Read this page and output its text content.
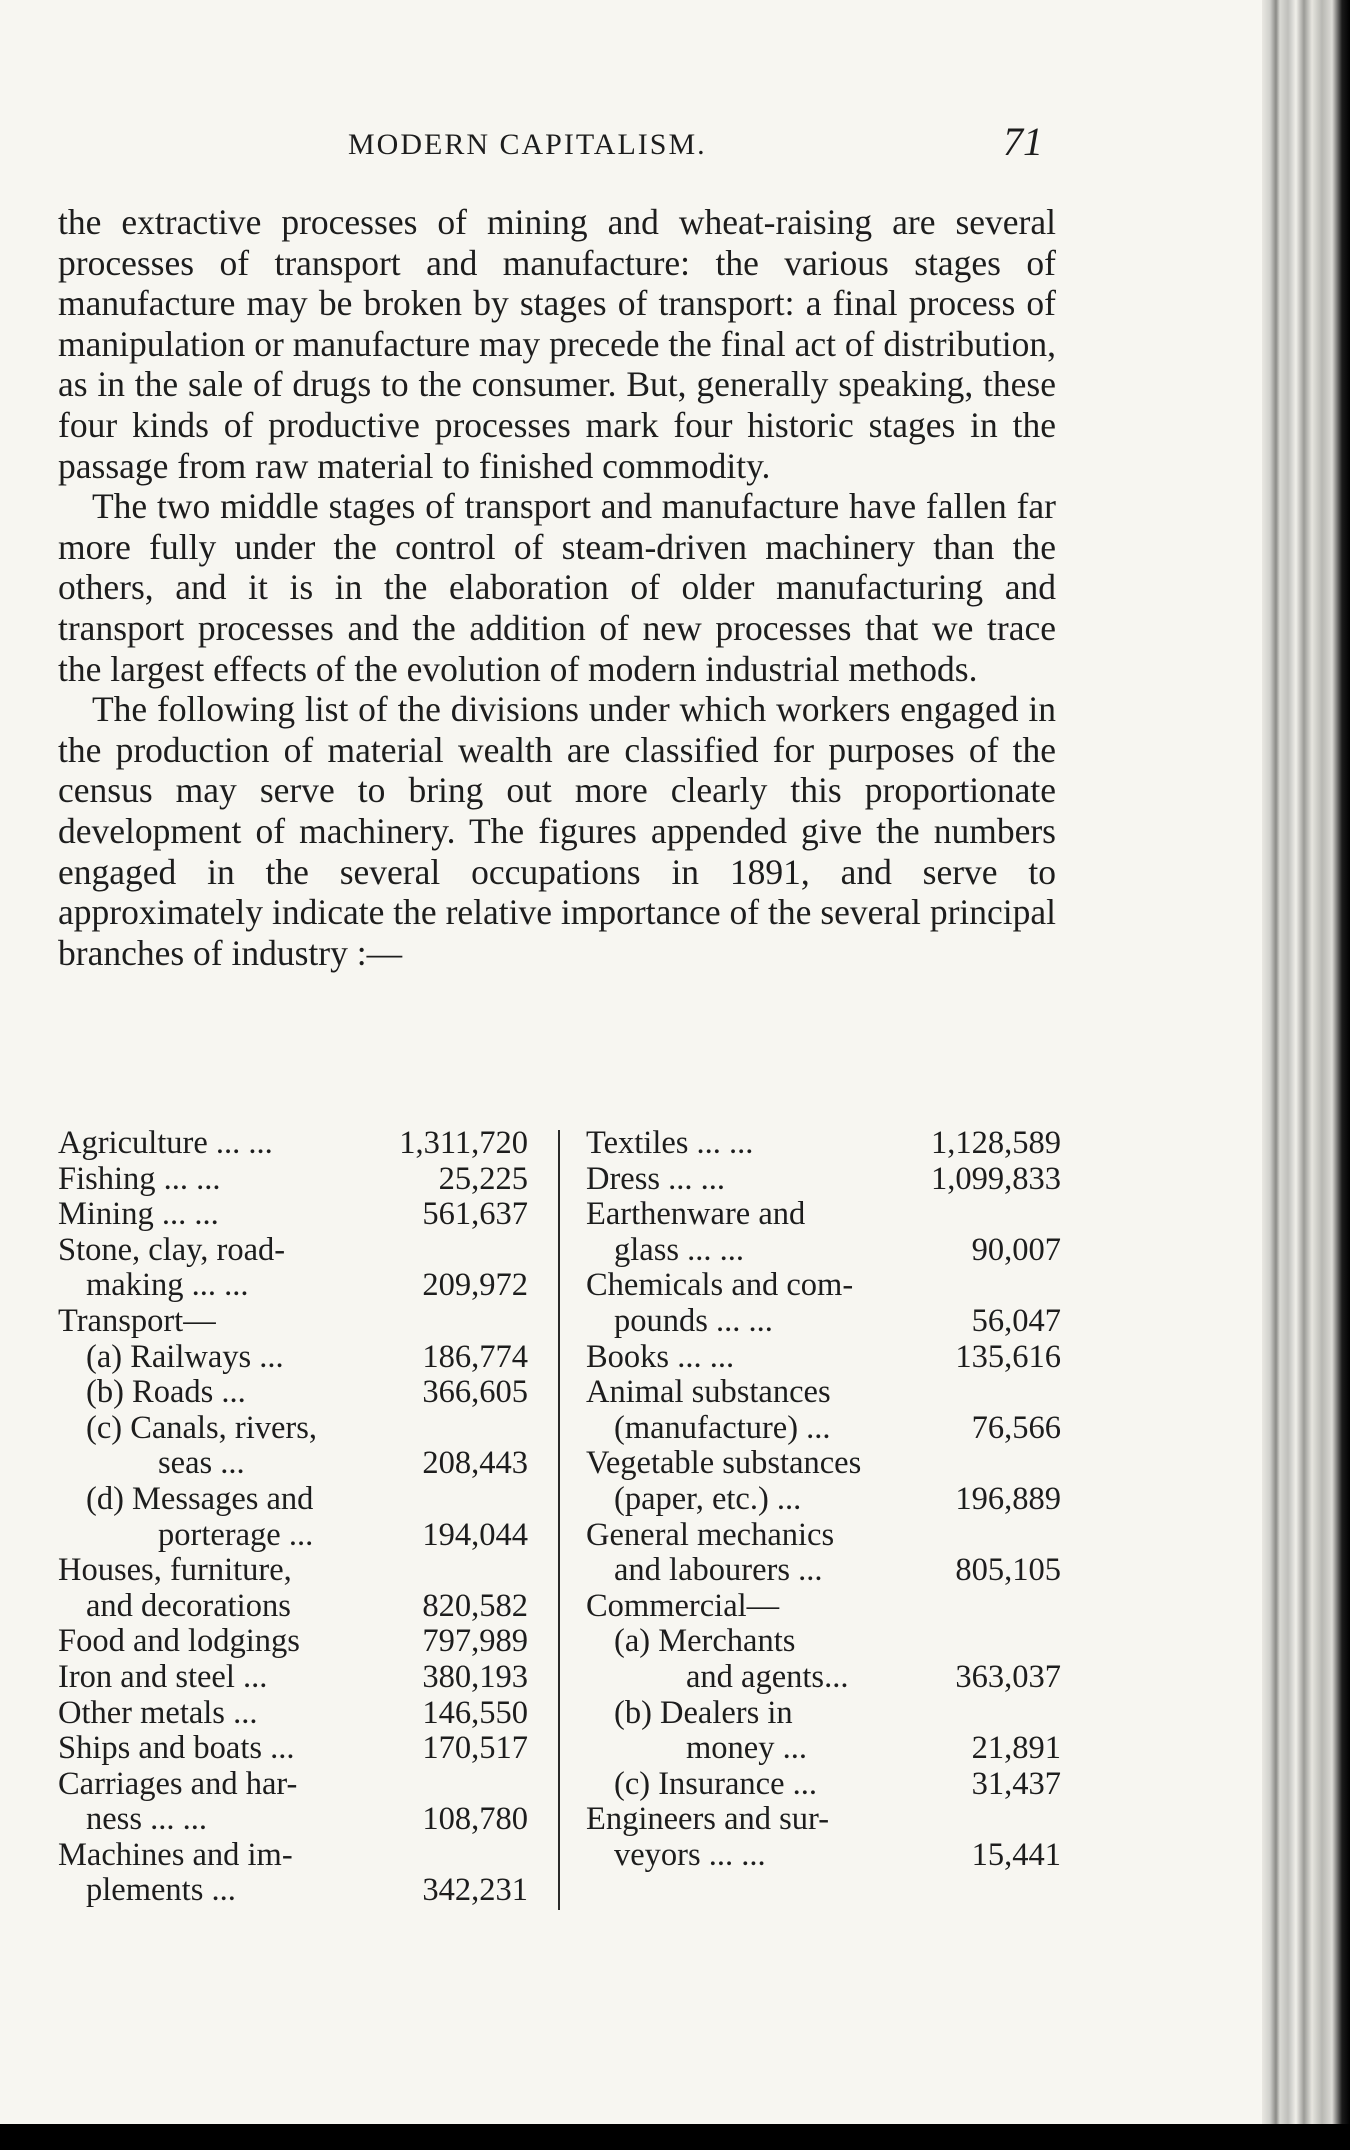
MODERN CAPITALISM.	71

the extractive processes of mining and wheat-raising are several processes of transport and manufacture: the various stages of manufacture may be broken by stages of transport: a final process of manipulation or manufacture may precede the final act of distribution, as in the sale of drugs to the consumer. But, generally speaking, these four kinds of productive processes mark four historic stages in the passage from raw material to finished commodity.

The two middle stages of transport and manufacture have fallen far more fully under the control of steam-driven machinery than the others, and it is in the elaboration of older manufacturing and transport processes and the addition of new processes that we trace the largest effects of the evolution of modern industrial methods.

The following list of the divisions under which workers engaged in the production of material wealth are classified for purposes of the census may serve to bring out more clearly this proportionate development of machinery. The figures appended give the numbers engaged in the several occupations in 1891, and serve to approximately indicate the relative importance of the several principal branches of industry :—

Agriculture ... ...	1,311,720
Fishing ... ...	25,225
Mining ... ...	561,637
Stone, clay, road-
making ... ...	209,972
Transport—
(a) Railways ...	186,774
(b) Roads ...	366,605
(c) Canals, rivers,
seas ...	208,443
(d) Messages and
porterage ...	194,044
Houses, furniture,
and decorations	820,582
Food and lodgings	797,989
Iron and steel ...	380,193
Other metals ...	146,550
Ships and boats ...	170,517
Carriages and har-
ness ... ...	108,780
Machines and im-
plements ...	342,231
Textiles ... ...	1,128,589
Dress ... ...	1,099,833
Earthenware and
glass ... ...	90,007
Chemicals and com-
pounds ... ...	56,047
Books ... ...	135,616
Animal substances
(manufacture) ...	76,566
Vegetable substances
(paper, etc.) ...	196,889
General mechanics
and labourers ...	805,105
Commercial—
(a) Merchants
and agents...	363,037
(b) Dealers in
money ...	21,891
(c) Insurance ...	31,437
Engineers and sur-
veyors ... ...	15,441
